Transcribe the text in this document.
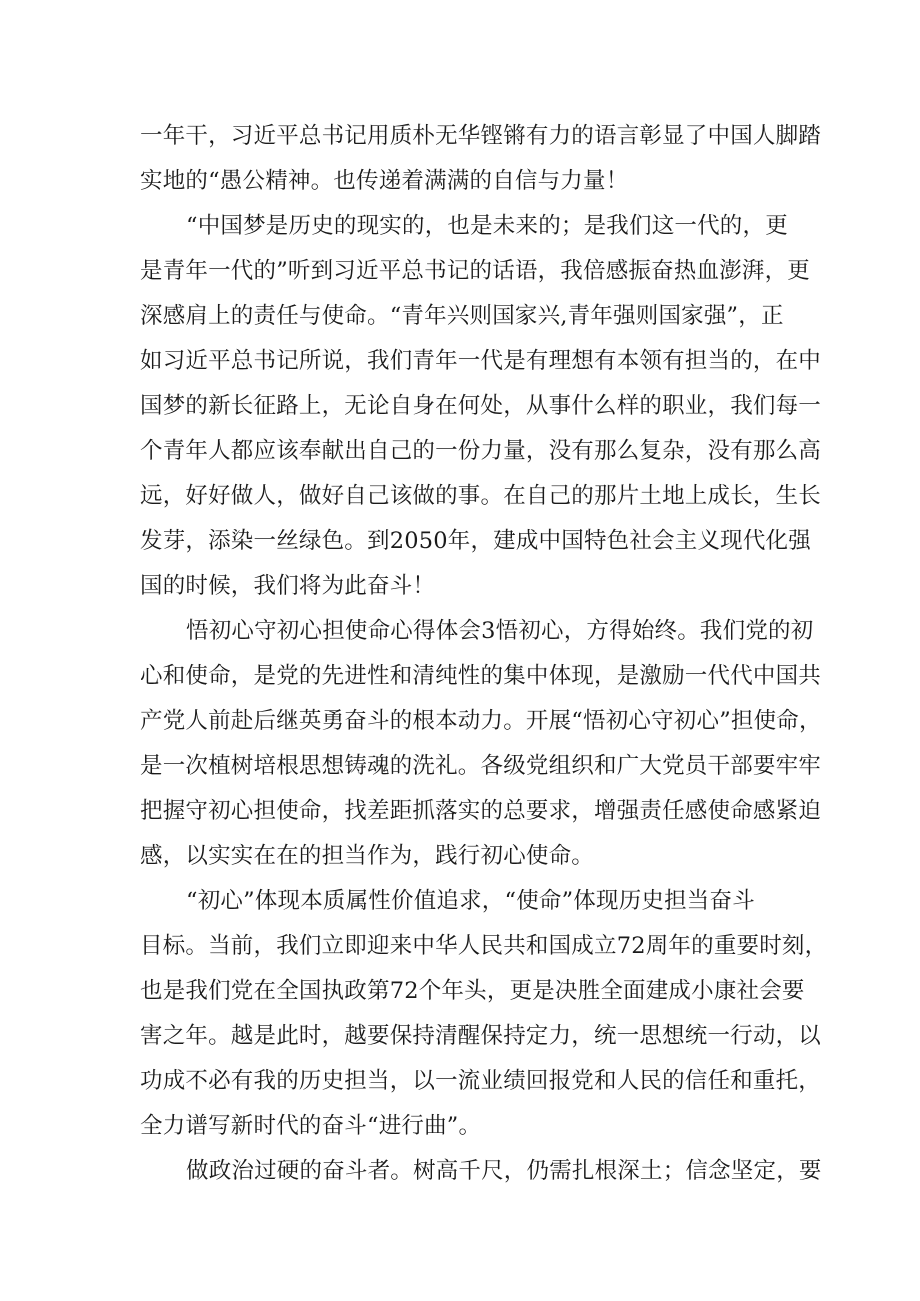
一年干，习近平总书记用质朴无华铿锵有力的语言彰显了中国人脚踏
实地的“愚公精神。也传递着满满的自信与力量！
“中国梦是历史的现实的，也是未来的；是我们这一代的，更
是青年一代的”听到习近平总书记的话语，我倍感振奋热血澎湃，更
深感肩上的责任与使命。“青年兴则国家兴,青年强则国家强”，正
如习近平总书记所说，我们青年一代是有理想有本领有担当的，在中
国梦的新长征路上，无论自身在何处，从事什么样的职业，我们每一
个青年人都应该奉献出自己的一份力量，没有那么复杂，没有那么高
远，好好做人，做好自己该做的事。在自己的那片土地上成长，生长
发芽，添染一丝绿色。到2050年，建成中国特色社会主义现代化强
国的时候，我们将为此奋斗！
悟初心守初心担使命心得体会3悟初心，方得始终。我们党的初
心和使命，是党的先进性和清纯性的集中体现，是激励一代代中国共
产党人前赴后继英勇奋斗的根本动力。开展“悟初心守初心”担使命，
是一次植树培根思想铸魂的洗礼。各级党组织和广大党员干部要牢牢
把握守初心担使命，找差距抓落实的总要求，增强责任感使命感紧迫
感，以实实在在的担当作为，践行初心使命。
“初心”体现本质属性价值追求，“使命”体现历史担当奋斗
目标。当前，我们立即迎来中华人民共和国成立72周年的重要时刻，
也是我们党在全国执政第72个年头，更是决胜全面建成小康社会要
害之年。越是此时，越要保持清醒保持定力，统一思想统一行动，以
功成不必有我的历史担当，以一流业绩回报党和人民的信任和重托，
全力谱写新时代的奋斗“进行曲”。
做政治过硬的奋斗者。树高千尺，仍需扎根深土；信念坚定，要
